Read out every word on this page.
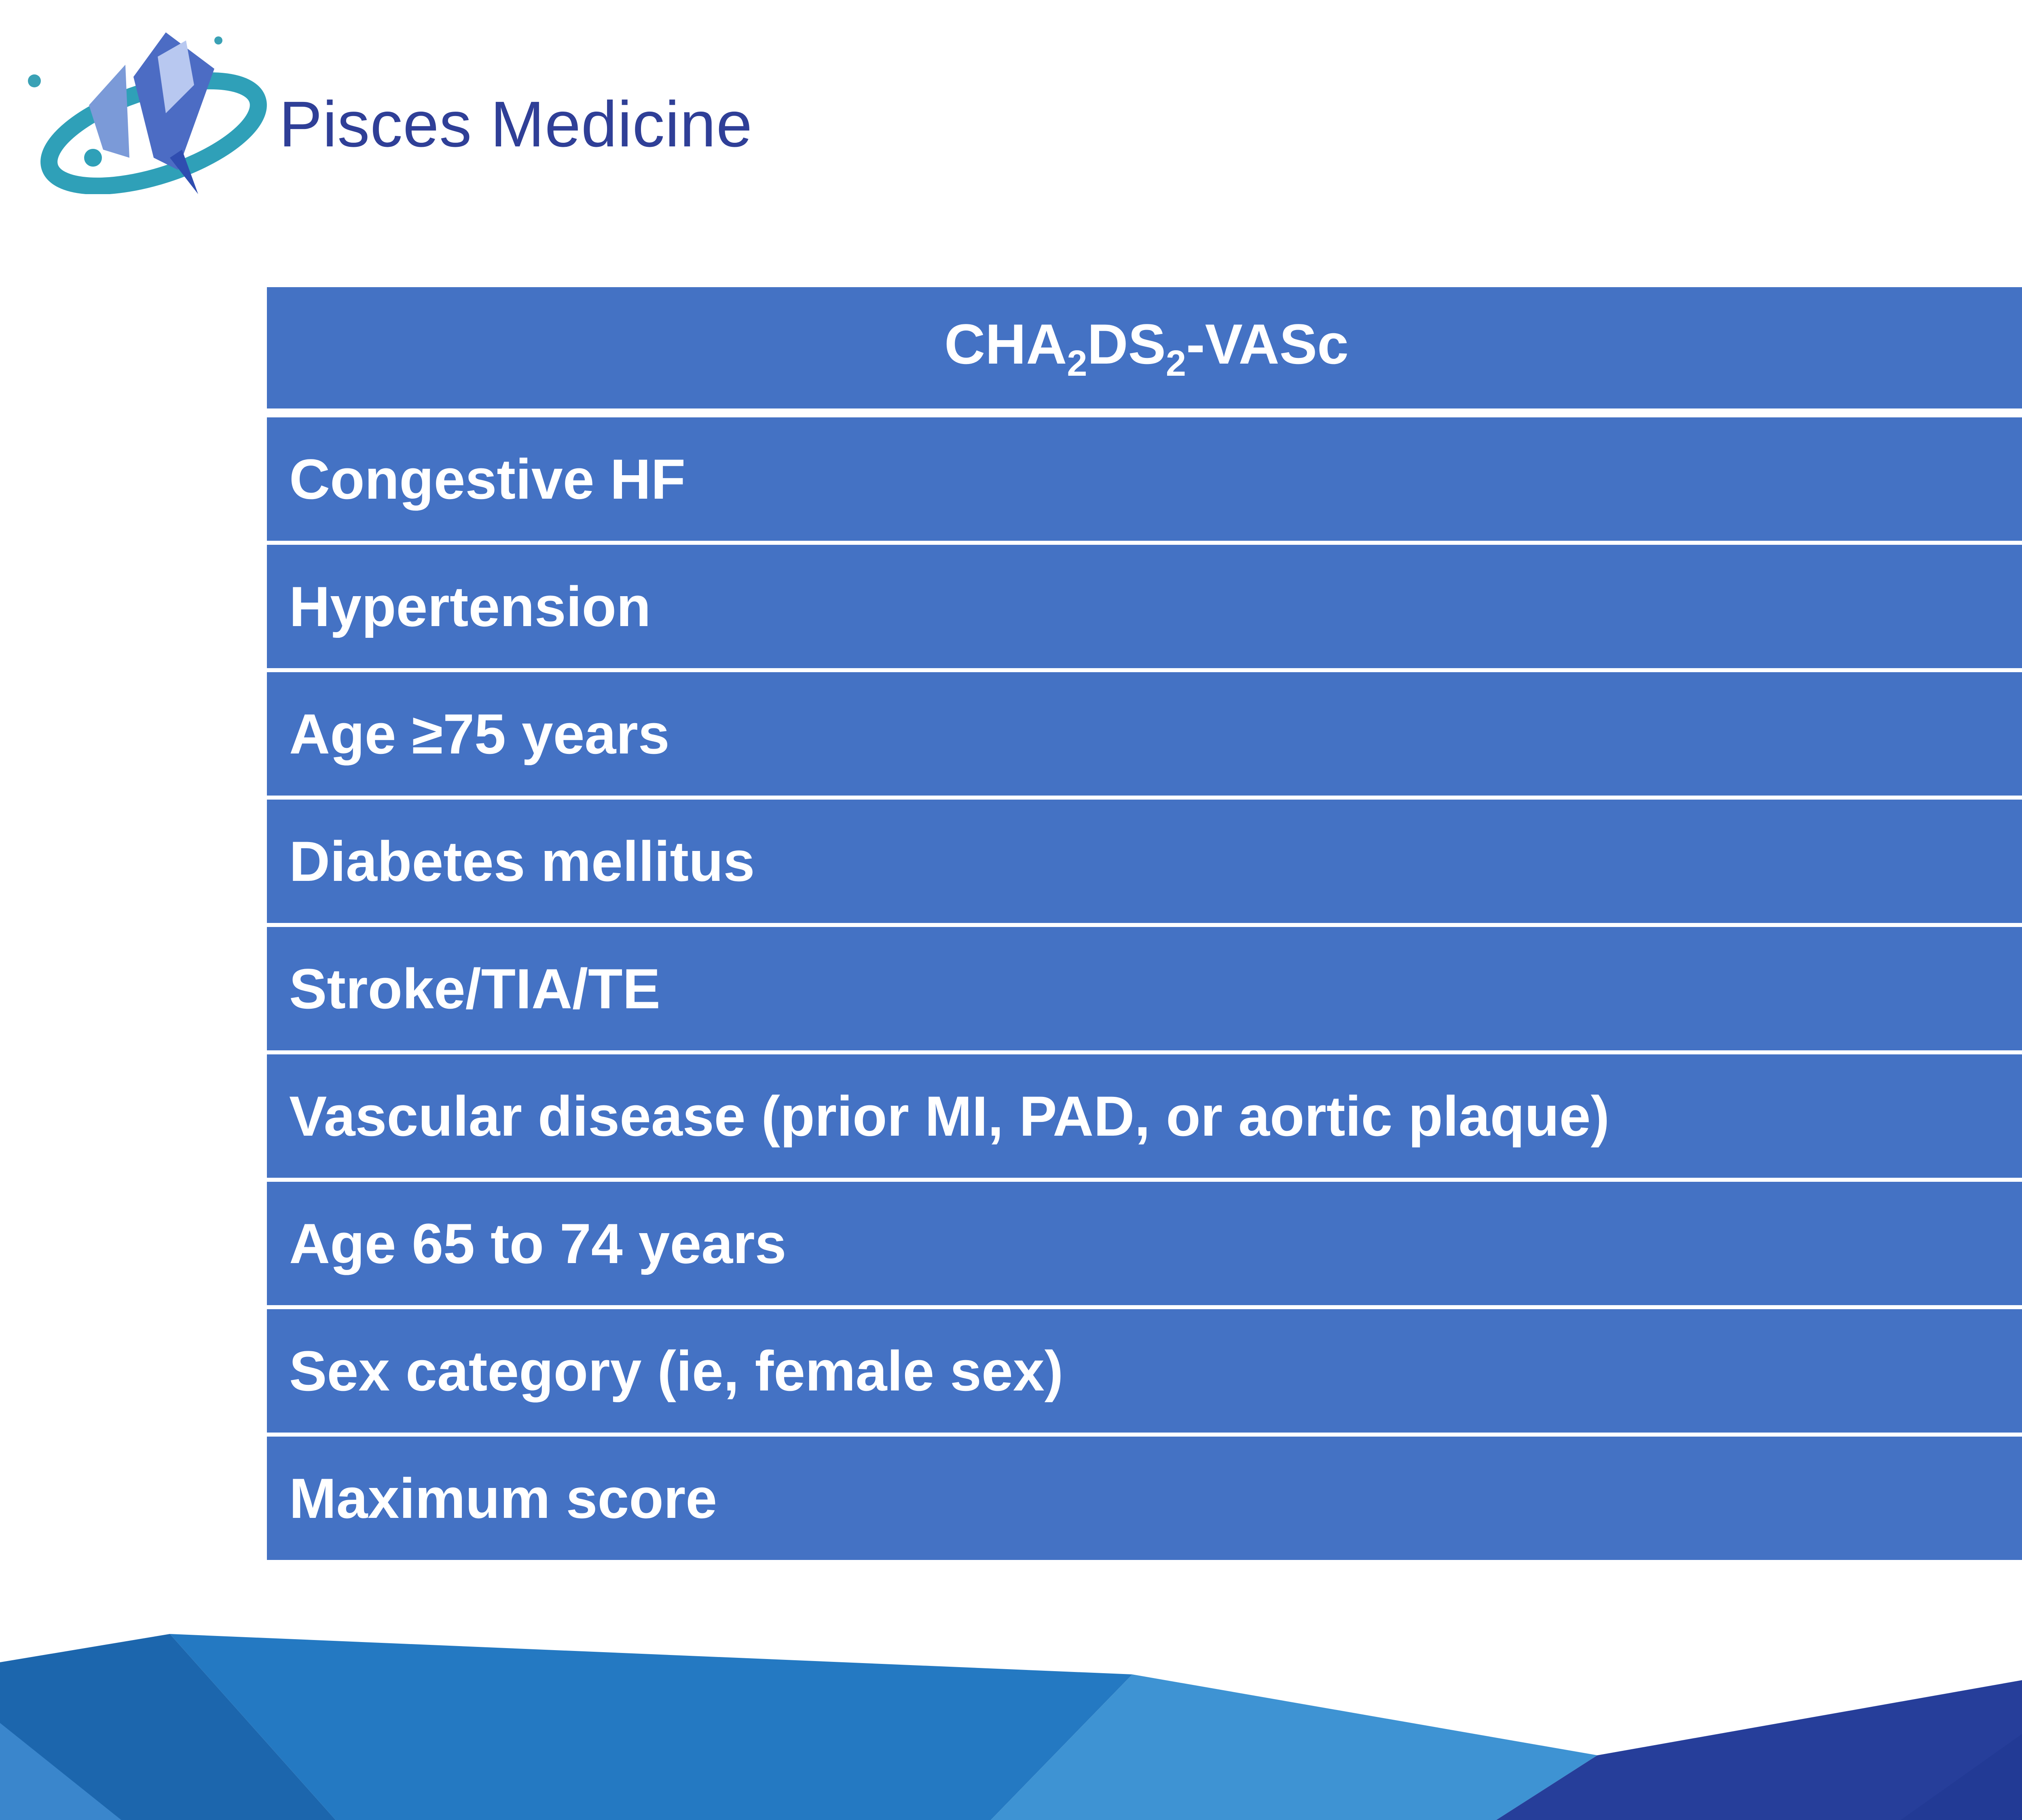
Pisces Medicine
$CHA_2DS_2$-VASc	
Congestive HF	
Hypertension	
Age ≥75 years	
Diabetes mellitus	
Stroke/TIA/TE	
Vascular disease (prior MI, PAD, or aortic plaque)	
Age 65 to 74 years	
Sex category (ie, female sex)	
Maximum score	
